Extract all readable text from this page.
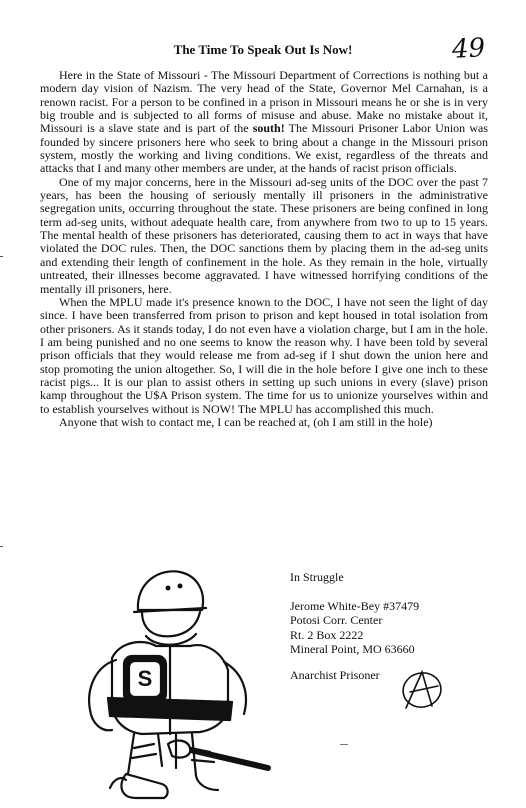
49
The Time To Speak Out Is Now!

Here in the State of Missouri - The Missouri Department of Corrections is nothing but a modern day vision of Nazism. The very head of the State, Governor Mel Carnahan, is a renown racist. For a person to be confined in a prison in Missouri means he or she is in very big trouble and is subjected to all forms of misuse and abuse. Make no mistake about it, Missouri is a slave state and is part of the south! The Missouri Prisoner Labor Union was founded by sincere prisoners here who seek to bring about a change in the Missouri prison system, mostly the working and living conditions. We exist, regardless of the threats and attacks that I and many other members are under, at the hands of racist prison officials.

One of my major concerns, here in the Missouri ad-seg units of the DOC over the past 7 years, has been the housing of seriously mentally ill prisoners in the administrative segregation units, occurring throughout the state. These prisoners are being confined in long term ad-seg units, without adequate health care, from anywhere from two to up to 15 years. The mental health of these prisoners has deteriorated, causing them to act in ways that have violated the DOC rules. Then, the DOC sanctions them by placing them in the ad-seg units and extending their length of confinement in the hole. As they remain in the hole, virtually untreated, their illnesses become aggravated. I have witnessed horrifying conditions of the mentally ill prisoners, here.

When the MPLU made it's presence known to the DOC, I have not seen the light of day since. I have been transferred from prison to prison and kept housed in total isolation from other prisoners. As it stands today, I do not even have a violation charge, but I am in the hole. I am being punished and no one seems to know the reason why. I have been told by several prison officials that they would release me from ad-seg if I shut down the union here and stop promoting the union altogether. So, I will die in the hole before I give one inch to these racist pigs... It is our plan to assist others in setting up such unions in every (slave) prison kamp throughout the U$A Prison system. The time for us to unionize yourselves within and to establish yourselves without is NOW! The MPLU has accomplished this much.

Anyone that wish to contact me, I can be reached at, (oh I am still in the hole)

S
In Struggle
Jerome White-Bey #37479
Potosi Corr. Center
Rt. 2 Box 2222
Mineral Point, MO 63660
Anarchist Prisoner
